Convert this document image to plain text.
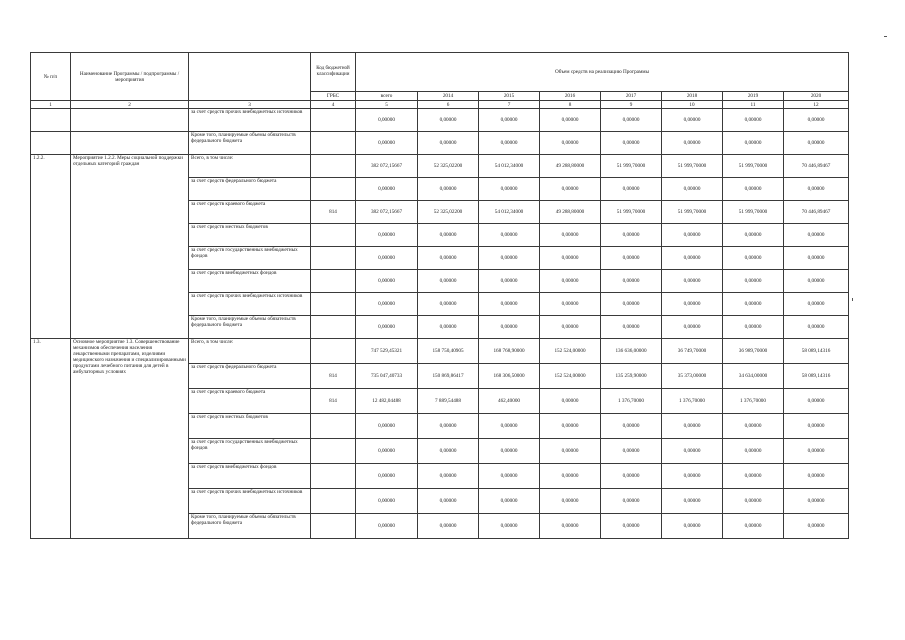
№ п/п	Наименование Программы / подпрограммы / мероприятия		Код бюджетной классификации	Объем средств на реализацию Программы							
			ГРБС	всего	2014	2015	2016	2017	2018	2019	2020
1	2	3	4	5	6	7	8	9	10	11	12
		за счет средств прочих внебюджетных источников		0,00000	0,00000	0,00000	0,00000	0,00000	0,00000	0,00000	0,00000
		Кроме того, планируемые объемы обязательств федерального бюджета		0,00000	0,00000	0,00000	0,00000	0,00000	0,00000	0,00000	0,00000
1.2.2.	Мероприятие 1.2.2. Меры социальной поддержки отдельных категорий граждан	Всего, в том числе:		382 072,15667	52 325,02200	54 012,34000	49 288,80000	51 999,70000	51 999,70000	51 999,70000	70 446,89467
		за счет средств федерального бюджета		0,00000	0,00000	0,00000	0,00000	0,00000	0,00000	0,00000	0,00000
		за счет средств краевого бюджета	814	382 072,15667	52 325,02200	54 012,34000	49 288,80000	51 999,70000	51 999,70000	51 999,70000	70 446,89467
		за счет средств местных бюджетов		0,00000	0,00000	0,00000	0,00000	0,00000	0,00000	0,00000	0,00000
		за счет средств государственных внебюджетных фондов		0,00000	0,00000	0,00000	0,00000	0,00000	0,00000	0,00000	0,00000
		за счет средств внебюджетных фондов		0,00000	0,00000	0,00000	0,00000	0,00000	0,00000	0,00000	0,00000
		за счет средств прочих внебюджетных источников		0,00000	0,00000	0,00000	0,00000	0,00000	0,00000	0,00000	0,00000
		Кроме того, планируемые объемы обязательств федерального бюджета		0,00000	0,00000	0,00000	0,00000	0,00000	0,00000	0,00000	0,00000
1.3.	Основное мероприятие 1.3. Совершенствование механизмов обеспечения населения лекарственными препаратами, изделиями медицинского назначения и специализированными продуктами лечебного питания для детей в амбулаторных условиях	Всего, в том числе:		747 529,45321	158 750,40905	168 768,90000	152 524,00000	136 636,00000	36 749,70000	36 989,70000	58 089,14316
		за счет средств федерального бюджета	814	735 047,40733	150 869,86417	168 306,50000	152 524,00000	135 259,90000	35 373,00000	34 634,00000	58 089,14316
		за счет средств краевого бюджета	814	12 482,04488	7 889,54488	462,40000	0,00000	1 376,70000	1 376,70000	1 376,70000	0,00000
		за счет средств местных бюджетов		0,00000	0,00000	0,00000	0,00000	0,00000	0,00000	0,00000	0,00000
		за счет средств государственных внебюджетных фондов		0,00000	0,00000	0,00000	0,00000	0,00000	0,00000	0,00000	0,00000
		за счет средств внебюджетных фондов		0,00000	0,00000	0,00000	0,00000	0,00000	0,00000	0,00000	0,00000
		за счет средств прочих внебюджетных источников		0,00000	0,00000	0,00000	0,00000	0,00000	0,00000	0,00000	0,00000
		Кроме того, планируемые объемы обязательств федерального бюджета		0,00000	0,00000	0,00000	0,00000	0,00000	0,00000	0,00000	0,00000
